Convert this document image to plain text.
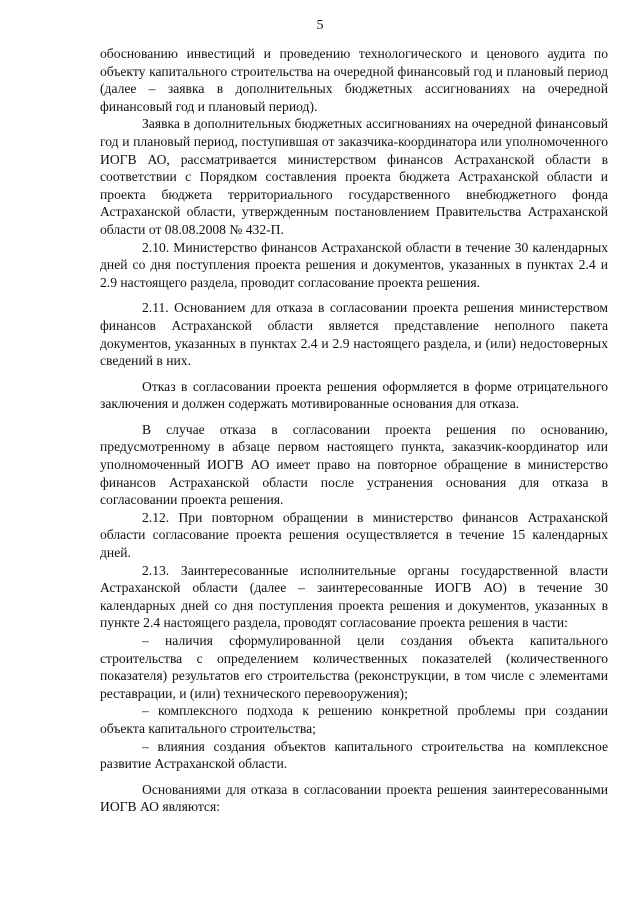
5

обоснованию инвестиций и проведению технологического и ценового аудита по объекту капитального строительства на очередной финансовый год и плановый период (далее – заявка в дополнительных бюджетных ассигнованиях на очередной финансовый год и плановый период).

Заявка в дополнительных бюджетных ассигнованиях на очередной финансовый год и плановый период, поступившая от заказчика-координатора или уполномоченного ИОГВ АО, рассматривается министерством финансов Астраханской области в соответствии с Порядком составления проекта бюджета Астраханской области и проекта бюджета территориального государственного внебюджетного фонда Астраханской области, утвержденным постановлением Правительства Астраханской области от 08.08.2008 № 432-П.

2.10. Министерство финансов Астраханской области в течение 30 календарных дней со дня поступления проекта решения и документов, указанных в пунктах 2.4 и 2.9 настоящего раздела, проводит согласование проекта решения.

2.11. Основанием для отказа в согласовании проекта решения министерством финансов Астраханской области является представление неполного пакета документов, указанных в пунктах 2.4 и 2.9 настоящего раздела, и (или) недостоверных сведений в них.

Отказ в согласовании проекта решения оформляется в форме отрицательного заключения и должен содержать мотивированные основания для отказа.

В случае отказа в согласовании проекта решения по основанию, предусмотренному в абзаце первом настоящего пункта, заказчик-координатор или уполномоченный ИОГВ АО имеет право на повторное обращение в министерство финансов Астраханской области после устранения основания для отказа в согласовании проекта решения.

2.12. При повторном обращении в министерство финансов Астраханской области согласование проекта решения осуществляется в течение 15 календарных дней.

2.13. Заинтересованные исполнительные органы государственной власти Астраханской области (далее – заинтересованные ИОГВ АО) в течение 30 календарных дней со дня поступления проекта решения и документов, указанных в пункте 2.4 настоящего раздела, проводят согласование проекта решения в части:

– наличия сформулированной цели создания объекта капитального строительства с определением количественных показателей (количественного показателя) результатов его строительства (реконструкции, в том числе с элементами реставрации, и (или) технического перевооружения);

– комплексного подхода к решению конкретной проблемы при создании объекта капитального строительства;

– влияния создания объектов капитального строительства на комплексное развитие Астраханской области.

Основаниями для отказа в согласовании проекта решения заинтересованными ИОГВ АО являются:
